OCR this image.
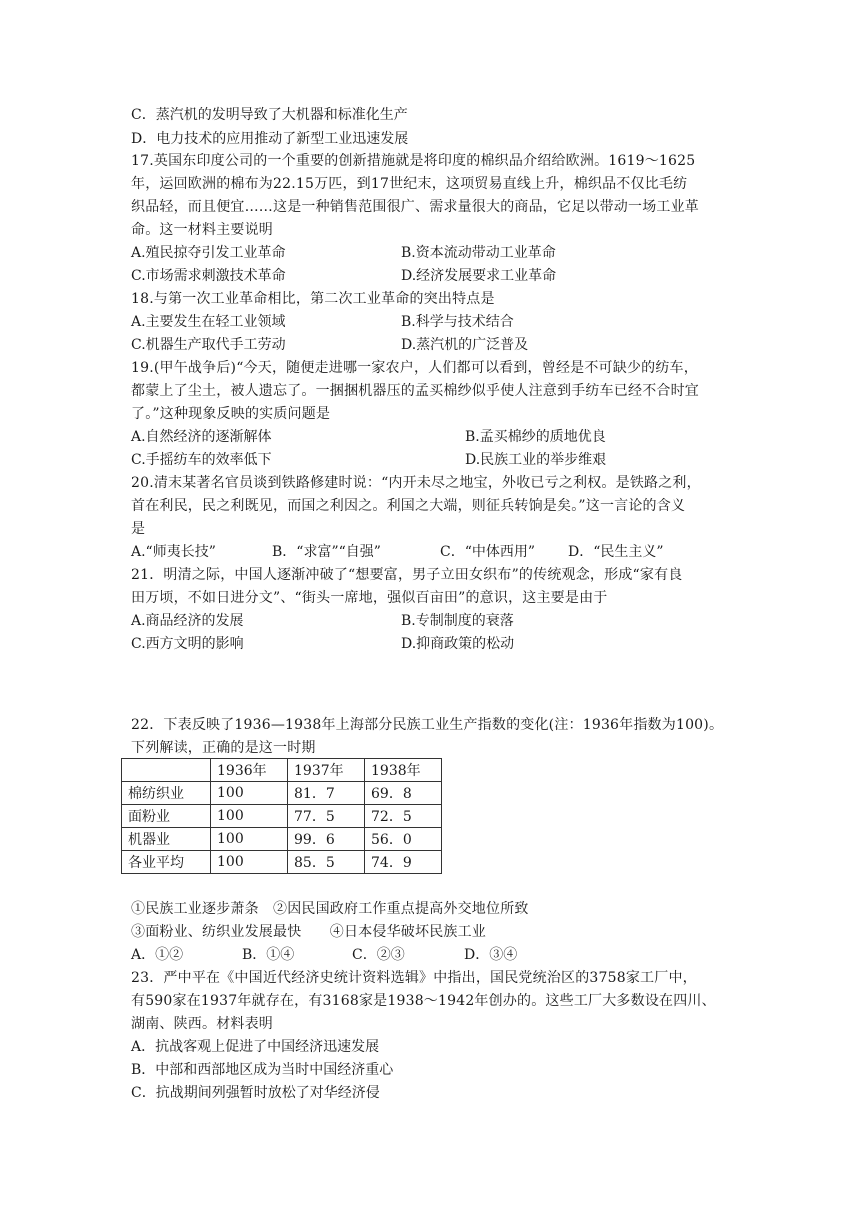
C．蒸汽机的发明导致了大机器和标准化生产
D．电力技术的应用推动了新型工业迅速发展
17.英国东印度公司的一个重要的创新措施就是将印度的棉织品介绍给欧洲。1619～1625
年，运回欧洲的棉布为22.15万匹，到17世纪末，这项贸易直线上升，棉织品不仅比毛纺
织品轻，而且便宜……这是一种销售范围很广、需求量很大的商品，它足以带动一场工业革
命。这一材料主要说明
A.殖民掠夺引发工业革命	B.资本流动带动工业革命
C.市场需求刺激技术革命	D.经济发展要求工业革命
18.与第一次工业革命相比，第二次工业革命的突出特点是
A.主要发生在轻工业领域	B.科学与技术结合
C.机器生产取代手工劳动	D.蒸汽机的广泛普及
19.(甲午战争后)“今天，随便走进哪一家农户，人们都可以看到，曾经是不可缺少的纺车，
都蒙上了尘土，被人遗忘了。一捆捆机器压的孟买棉纱似乎使人注意到手纺车已经不合时宜
了。”这种现象反映的实质问题是
A.自然经济的逐渐解体	B.孟买棉纱的质地优良
C.手摇纺车的效率低下	D.民族工业的举步维艰
20.清末某著名官员谈到铁路修建时说：“内开未尽之地宝，外收已亏之利权。是铁路之利，
首在利民，民之利既见，而国之利因之。利国之大端，则征兵转饷是矣。”这一言论的含义
是
A.“师夷长技”	B．“求富”“自强”	C．“中体西用” D．“民生主义”
21．明清之际，中国人逐渐冲破了“想要富，男子立田女织布”的传统观念，形成“家有良
田万顷，不如日进分文”、“街头一席地，强似百亩田”的意识，这主要是由于
A.商品经济的发展	B.专制制度的衰落
C.西方文明的影响	D.抑商政策的松动
22．下表反映了1936—1938年上海部分民族工业生产指数的变化(注：1936年指数为100)。
下列解读，正确的是这一时期
	1936年	1937年	1938年
棉纺织业	100	81．7	69．8
面粉业	100	77．5	72．5
机器业	100	99．6	56．0
各业平均	100	85．5	74．9
①民族工业逐步萧条　②因民国政府工作重点提高外交地位所致
③面粉业、纺织业发展最快　　④日本侵华破坏民族工业
A．①②	B．①④	C．②③	D．③④
23．严中平在《中国近代经济史统计资料选辑》中指出，国民党统治区的3758家工厂中，
有590家在1937年就存在，有3168家是1938～1942年创办的。这些工厂大多数设在四川、
湖南、陕西。材料表明
A．抗战客观上促进了中国经济迅速发展
B．中部和西部地区成为当时中国经济重心
C．抗战期间列强暂时放松了对华经济侵
